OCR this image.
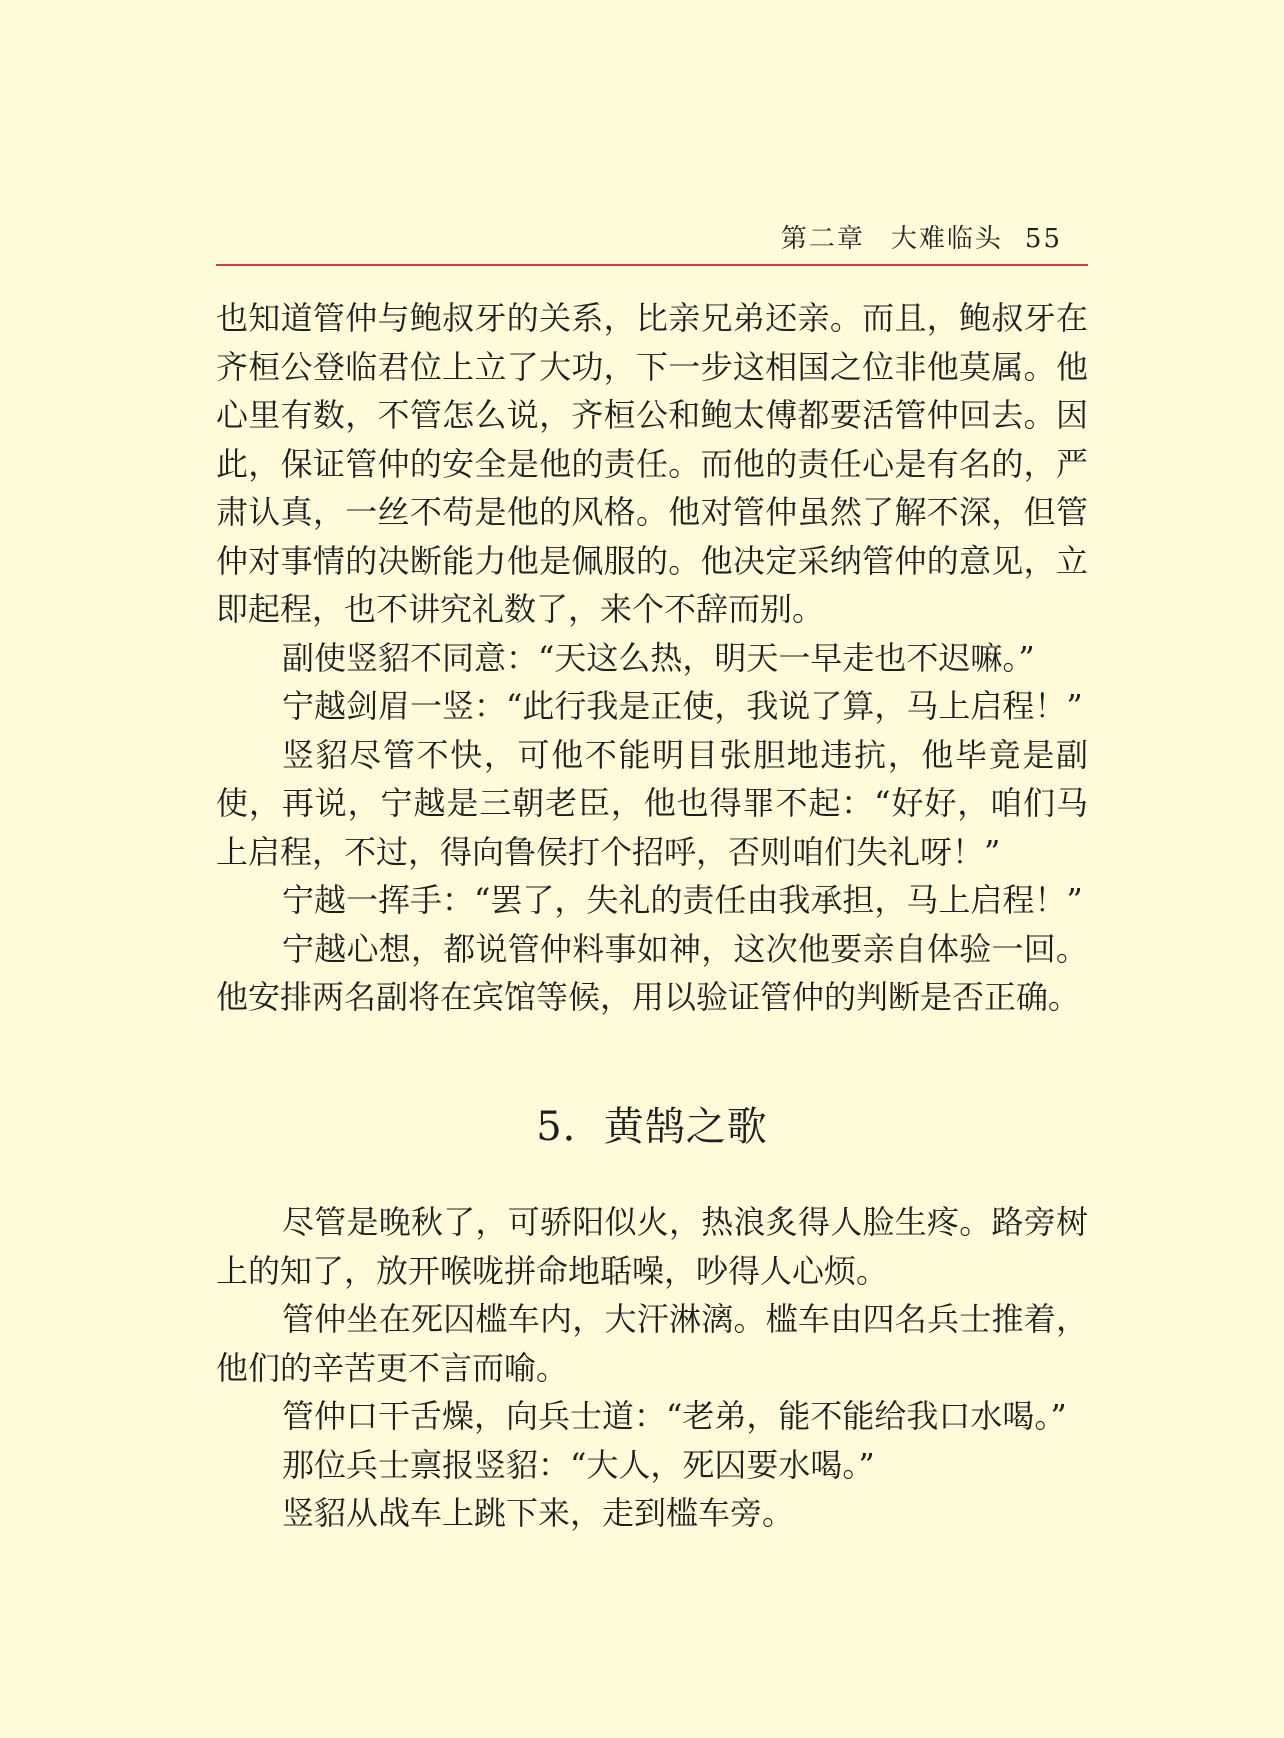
第二章 大难临头 55

也知道管仲与鲍叔牙的关系，比亲兄弟还亲。而且，鲍叔牙在齐桓公登临君位上立了大功，下一步这相国之位非他莫属。他心里有数，不管怎么说，齐桓公和鲍太傅都要活管仲回去。因此，保证管仲的安全是他的责任。而他的责任心是有名的，严肃认真，一丝不苟是他的风格。他对管仲虽然了解不深，但管仲对事情的决断能力他是佩服的。他决定采纳管仲的意见，立即起程，也不讲究礼数了，来个不辞而别。

副使竖貂不同意：“天这么热，明天一早走也不迟嘛。”

宁越剑眉一竖：“此行我是正使，我说了算，马上启程！”

竖貂尽管不快，可他不能明目张胆地违抗，他毕竟是副使，再说，宁越是三朝老臣，他也得罪不起：“好好，咱们马上启程，不过，得向鲁侯打个招呼，否则咱们失礼呀！”

宁越一挥手：“罢了，失礼的责任由我承担，马上启程！”

宁越心想，都说管仲料事如神，这次他要亲自体验一回。他安排两名副将在宾馆等候，用以验证管仲的判断是否正确。

5．黄鹄之歌

尽管是晚秋了，可骄阳似火，热浪炙得人脸生疼。路旁树上的知了，放开喉咙拼命地聒噪，吵得人心烦。

管仲坐在死囚槛车内，大汗淋漓。槛车由四名兵士推着，他们的辛苦更不言而喻。

管仲口干舌燥，向兵士道：“老弟，能不能给我口水喝。”

那位兵士禀报竖貂：“大人，死囚要水喝。”

竖貂从战车上跳下来，走到槛车旁。
